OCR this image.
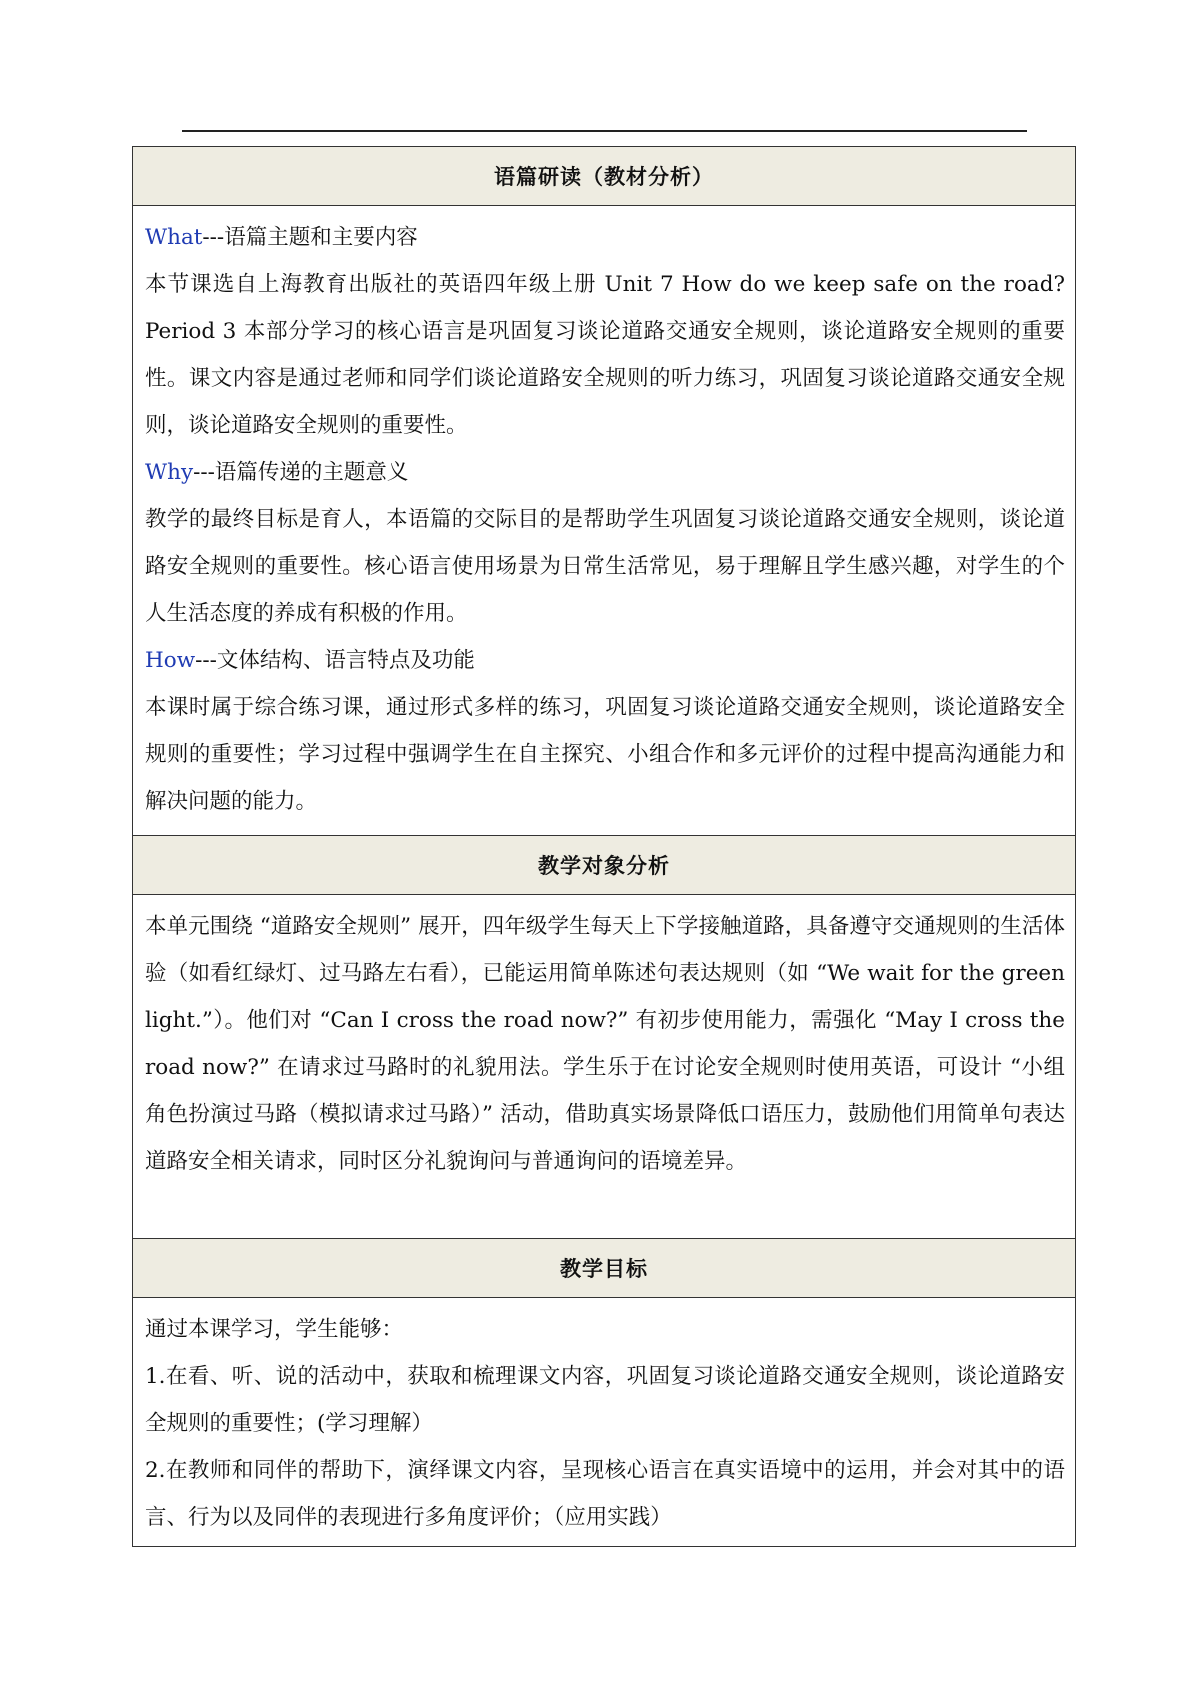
语篇研读（教材分析）

What---语篇主题和主要内容

本节课选自上海教育出版社的英语四年级上册 Unit 7 How do we keep safe on the road? Period 3 本部分学习的核心语言是巩固复习谈论道路交通安全规则，谈论道路安全规则的重要性。课文内容是通过老师和同学们谈论道路安全规则的听力练习，巩固复习谈论道路交通安全规则，谈论道路安全规则的重要性。

Why---语篇传递的主题意义

教学的最终目标是育人，本语篇的交际目的是帮助学生巩固复习谈论道路交通安全规则，谈论道路安全规则的重要性。核心语言使用场景为日常生活常见，易于理解且学生感兴趣，对学生的个人生活态度的养成有积极的作用。

How---文体结构、语言特点及功能

本课时属于综合练习课，通过形式多样的练习，巩固复习谈论道路交通安全规则，谈论道路安全规则的重要性；学习过程中强调学生在自主探究、小组合作和多元评价的过程中提高沟通能力和解决问题的能力。

教学对象分析

本单元围绕 “道路安全规则” 展开，四年级学生每天上下学接触道路，具备遵守交通规则的生活体验（如看红绿灯、过马路左右看），已能运用简单陈述句表达规则（如 “We wait for the green light.”）。他们对 “Can I cross the road now?” 有初步使用能力，需强化 “May I cross the road now?” 在请求过马路时的礼貌用法。学生乐于在讨论安全规则时使用英语，可设计 “小组角色扮演过马路（模拟请求过马路）” 活动，借助真实场景降低口语压力，鼓励他们用简单句表达道路安全相关请求，同时区分礼貌询问与普通询问的语境差异。

教学目标

通过本课学习，学生能够：

1.在看、听、说的活动中，获取和梳理课文内容，巩固复习谈论道路交通安全规则，谈论道路安全规则的重要性；(学习理解）

2.在教师和同伴的帮助下，演绎课文内容，呈现核心语言在真实语境中的运用，并会对其中的语言、行为以及同伴的表现进行多角度评价；（应用实践）
